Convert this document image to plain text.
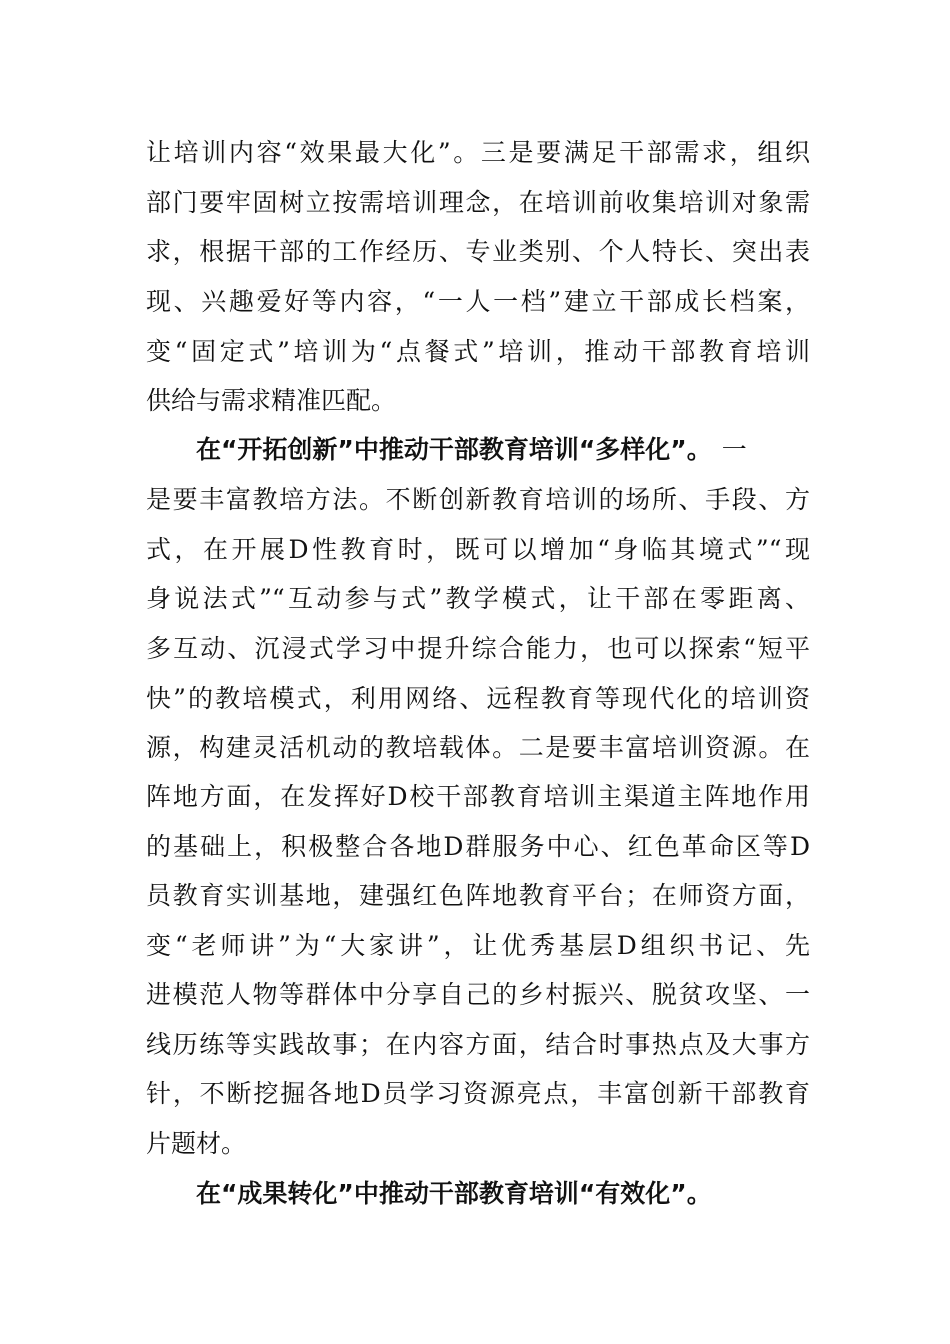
让培训内容“效果最大化”。三是要满足干部需求，组织
部门要牢固树立按需培训理念，在培训前收集培训对象需
求，根据干部的工作经历、专业类别、个人特长、突出表
现、兴趣爱好等内容，“一人一档”建立干部成长档案，
变“固定式”培训为“点餐式”培训，推动干部教育培训
供给与需求精准匹配。
在“开拓创新”中推动干部教育培训“多样化”。 一
是要丰富教培方法。不断创新教育培训的场所、手段、方
式，在开展D性教育时，既可以增加“身临其境式”“现
身说法式”“互动参与式”教学模式，让干部在零距离、
多互动、沉浸式学习中提升综合能力，也可以探索“短平
快”的教培模式，利用网络、远程教育等现代化的培训资
源，构建灵活机动的教培载体。二是要丰富培训资源。在
阵地方面，在发挥好D校干部教育培训主渠道主阵地作用
的基础上，积极整合各地D群服务中心、红色革命区等D
员教育实训基地，建强红色阵地教育平台；在师资方面，
变“老师讲”为“大家讲”，让优秀基层D组织书记、先
进模范人物等群体中分享自己的乡村振兴、脱贫攻坚、一
线历练等实践故事；在内容方面，结合时事热点及大事方
针，不断挖掘各地D员学习资源亮点，丰富创新干部教育
片题材。
在“成果转化”中推动干部教育培训“有效化”。
